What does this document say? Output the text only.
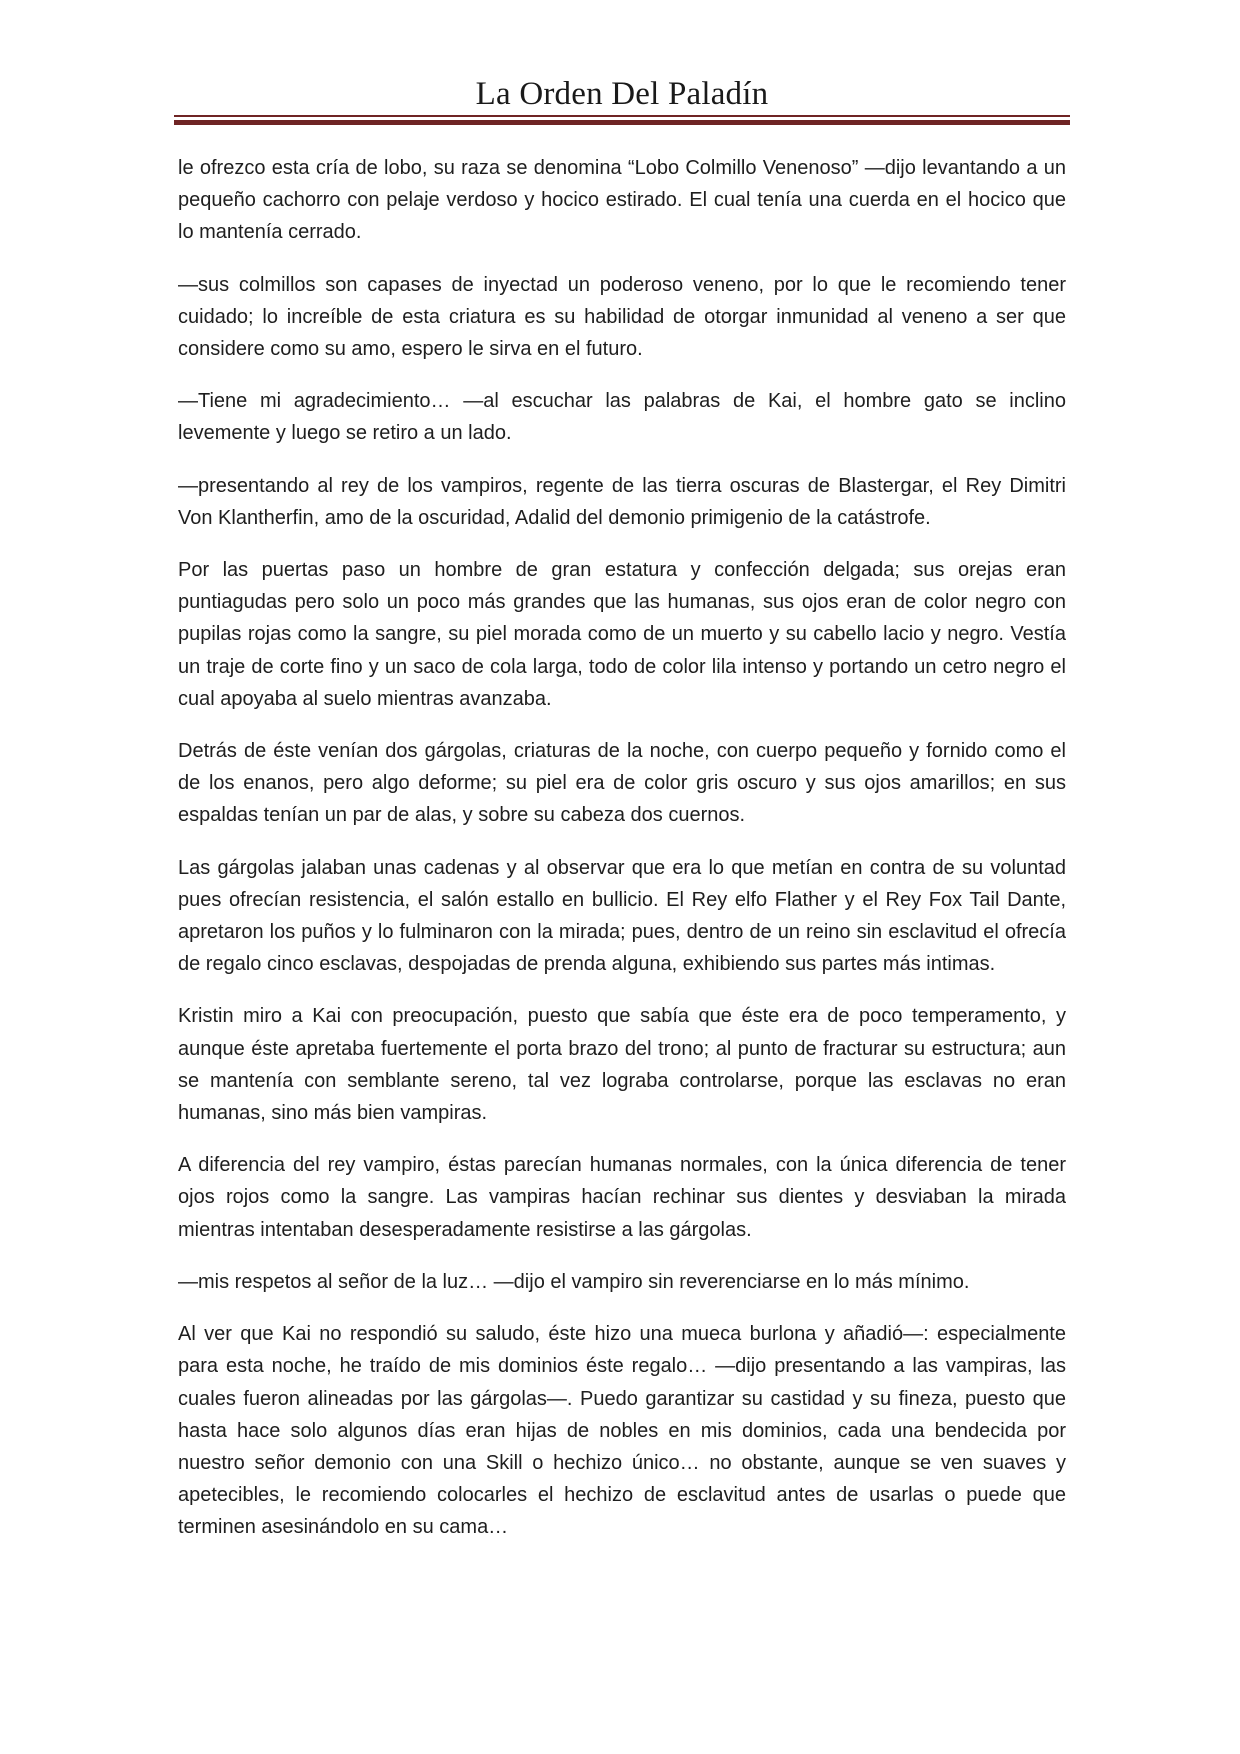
La Orden Del Paladín

le ofrezco esta cría de lobo, su raza se denomina “Lobo Colmillo Venenoso” —dijo levantando a un pequeño cachorro con pelaje verdoso y hocico estirado. El cual tenía una cuerda en el hocico que lo mantenía cerrado.

—sus colmillos son capases de inyectad un poderoso veneno, por lo que le recomiendo tener cuidado; lo increíble de esta criatura es su habilidad de otorgar inmunidad al veneno a ser que considere como su amo, espero le sirva en el futuro.

—Tiene mi agradecimiento… —al escuchar las palabras de Kai, el hombre gato se inclino levemente y luego se retiro a un lado.

—presentando al rey de los vampiros, regente de las tierra oscuras de Blastergar, el Rey Dimitri Von Klantherfin, amo de la oscuridad, Adalid del demonio primigenio de la catástrofe.

Por las puertas paso un hombre de gran estatura y confección delgada; sus orejas eran puntiagudas pero solo un poco más grandes que las humanas, sus ojos eran de color negro con pupilas rojas como la sangre, su piel morada como de un muerto y su cabello lacio y negro. Vestía un traje de corte fino y un saco de cola larga, todo de color lila intenso y portando un cetro negro el cual apoyaba al suelo mientras avanzaba.

Detrás de éste venían dos gárgolas, criaturas de la noche, con cuerpo pequeño y fornido como el de los enanos, pero algo deforme; su piel era de color gris oscuro y sus ojos amarillos; en sus espaldas tenían un par de alas, y sobre su cabeza dos cuernos.

Las gárgolas jalaban unas cadenas y al observar que era lo que metían en contra de su voluntad pues ofrecían resistencia, el salón estallo en bullicio. El Rey elfo Flather y el Rey Fox Tail Dante, apretaron los puños y lo fulminaron con la mirada; pues, dentro de un reino sin esclavitud el ofrecía de regalo cinco esclavas, despojadas de prenda alguna, exhibiendo sus partes más intimas.

Kristin miro a Kai con preocupación, puesto que sabía que éste era de poco temperamento, y aunque éste apretaba fuertemente el porta brazo del trono; al punto de fracturar su estructura; aun se mantenía con semblante sereno, tal vez lograba controlarse, porque las esclavas no eran humanas, sino más bien vampiras.

A diferencia del rey vampiro, éstas parecían humanas normales, con la única diferencia de tener ojos rojos como la sangre. Las vampiras hacían rechinar sus dientes y desviaban la mirada mientras intentaban desesperadamente resistirse a las gárgolas.

—mis respetos al señor de la luz… —dijo el vampiro sin reverenciarse en lo más mínimo.

Al ver que Kai no respondió su saludo, éste hizo una mueca burlona y añadió—: especialmente para esta noche, he traído de mis dominios éste regalo… —dijo presentando a las vampiras, las cuales fueron alineadas por las gárgolas—. Puedo garantizar su castidad y su fineza, puesto que hasta hace solo algunos días eran hijas de nobles en mis dominios, cada una bendecida por nuestro señor demonio con una Skill o hechizo único… no obstante, aunque se ven suaves y apetecibles, le recomiendo colocarles el hechizo de esclavitud antes de usarlas o puede que terminen asesinándolo en su cama…
